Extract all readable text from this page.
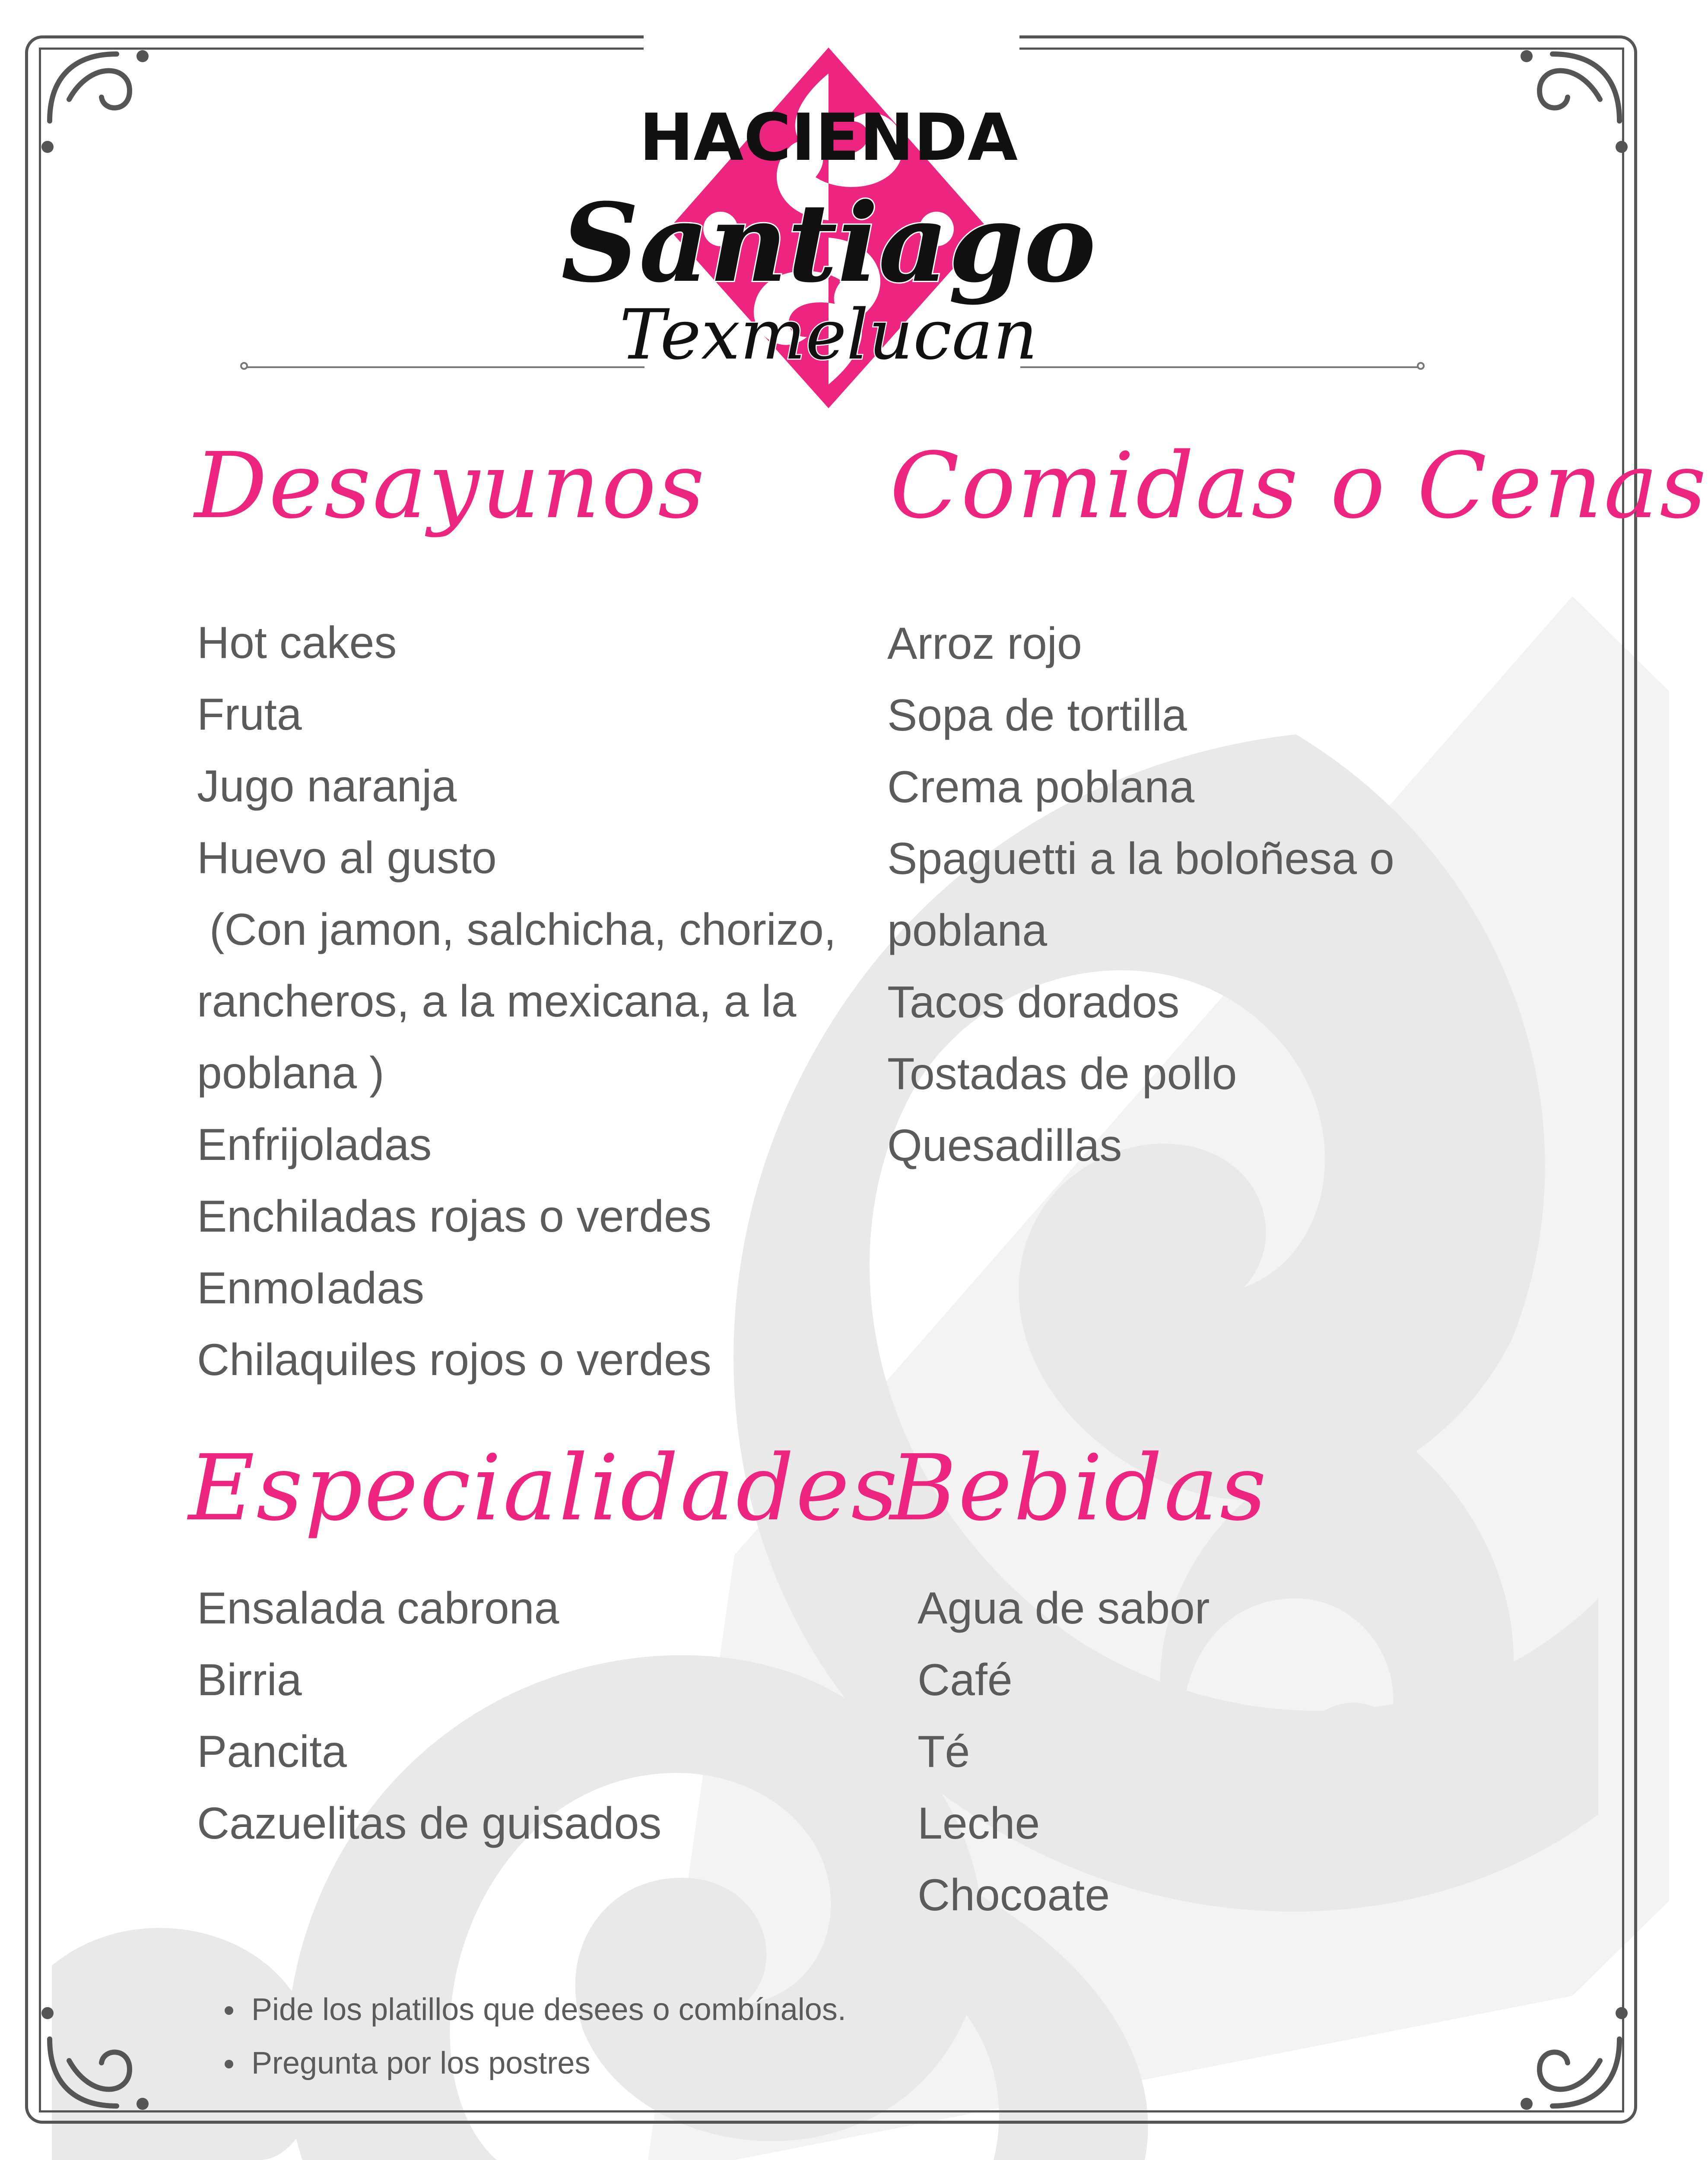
HACIENDA
Santiago
Texmelucan
Desayunos
Hot cakes
Fruta
Jugo naranja
Huevo al gusto
(Con jamon, salchicha, chorizo,
rancheros, a la mexicana, a la
poblana )
Enfrijoladas
Enchiladas rojas o verdes
EnmoIadas
Chilaquiles rojos o verdes
Comidas o Cenas
Arroz rojo
Sopa de tortilla
Crema poblana
Spaguetti a la boloñesa o
poblana
Tacos dorados
Tostadas de pollo
Quesadillas
Especialidades
Ensalada cabrona
Birria
Pancita
Cazuelitas de guisados
Bebidas
Agua de sabor
Café
Té
Leche
Chocoate
Pide los platillos que desees o combínalos.
Pregunta por los postres
